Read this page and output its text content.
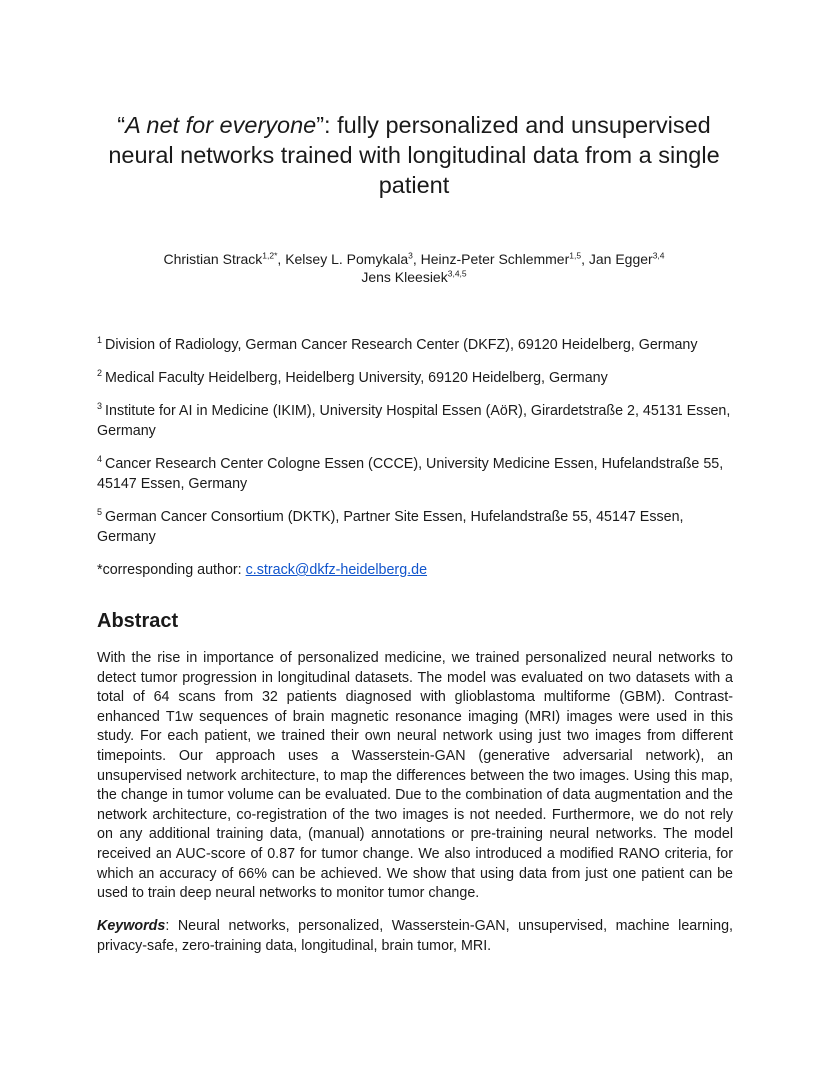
“A net for everyone”: fully personalized and unsupervised neural networks trained with longitudinal data from a single patient
Christian Strack$^{1,2*}$, Kelsey L. Pomykala$^3$, Heinz-Peter Schlemmer$^{1,5}$, Jan Egger$^{3,4}$
Jens Kleesiek$^{3,4,5}$

$^1$ Division of Radiology, German Cancer Research Center (DKFZ), 69120 Heidelberg, Germany

$^2$ Medical Faculty Heidelberg, Heidelberg University, 69120 Heidelberg, Germany

$^3$ Institute for AI in Medicine (IKIM), University Hospital Essen (AöR), Girardetstraße 2, 45131 Essen, Germany

$^4$ Cancer Research Center Cologne Essen (CCCE), University Medicine Essen, Hufelandstraße 55, 45147 Essen, Germany

$^5$ German Cancer Consortium (DKTK), Partner Site Essen, Hufelandstraße 55, 45147 Essen, Germany

*corresponding author: c.strack@dkfz-heidelberg.de

Abstract

With the rise in importance of personalized medicine, we trained personalized neural networks to detect tumor progression in longitudinal datasets. The model was evaluated on two datasets with a total of 64 scans from 32 patients diagnosed with glioblastoma multiforme (GBM). Contrast-enhanced T1w sequences of brain magnetic resonance imaging (MRI) images were used in this study. For each patient, we trained their own neural network using just two images from different timepoints. Our approach uses a Wasserstein-GAN (generative adversarial network), an unsupervised network architecture, to map the differences between the two images. Using this map, the change in tumor volume can be evaluated. Due to the combination of data augmentation and the network architecture, co-registration of the two images is not needed. Furthermore, we do not rely on any additional training data, (manual) annotations or pre-training neural networks. The model received an AUC-score of 0.87 for tumor change. We also introduced a modified RANO criteria, for which an accuracy of 66% can be achieved. We show that using data from just one patient can be used to train deep neural networks to monitor tumor change.

Keywords: Neural networks, personalized, Wasserstein-GAN, unsupervised, machine learning, privacy-safe, zero-training data, longitudinal, brain tumor, MRI.
